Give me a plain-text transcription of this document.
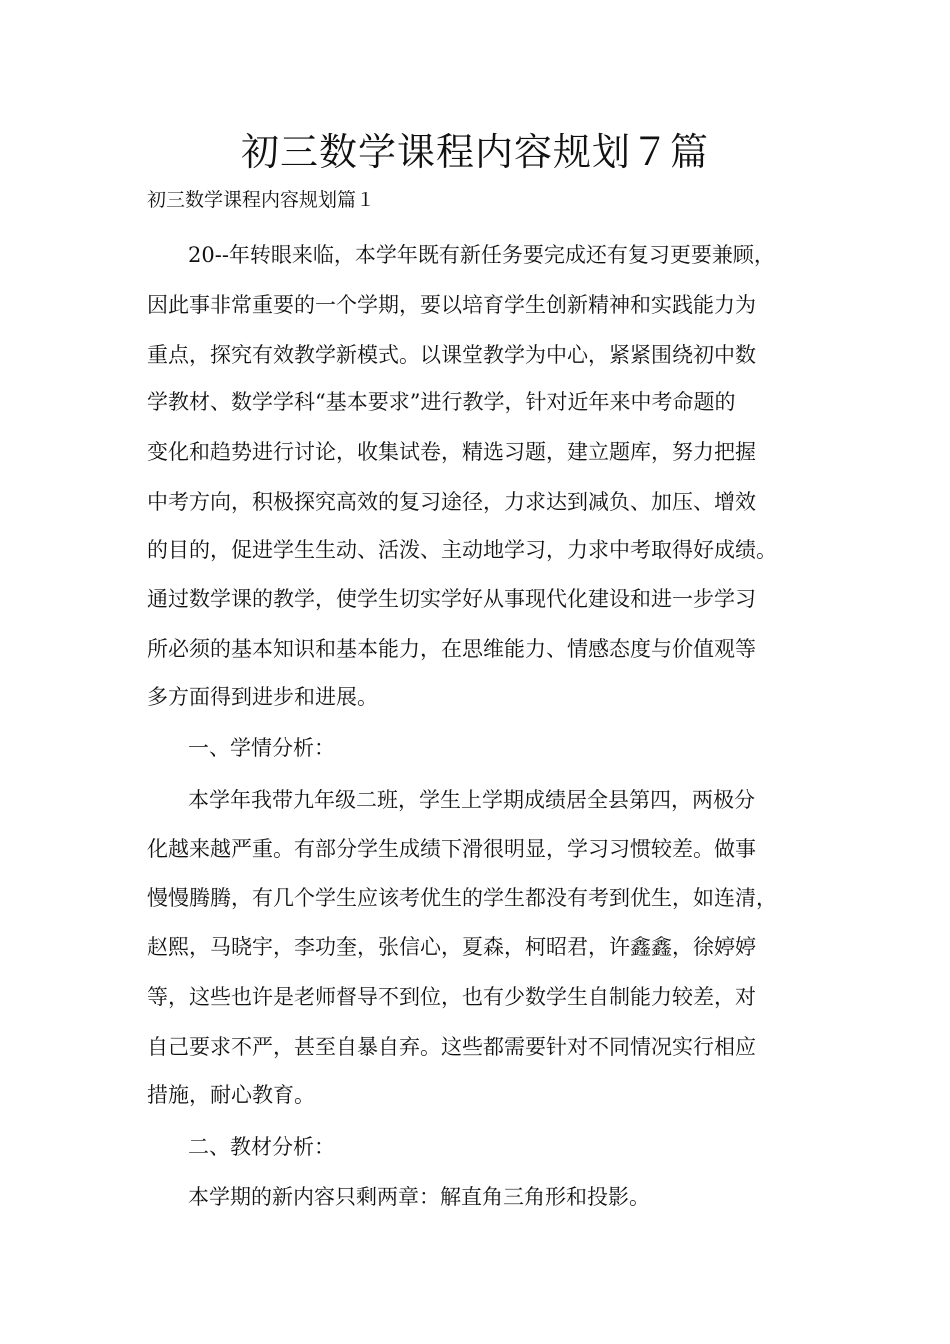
初三数学课程内容规划７篇

初三数学课程内容规划篇１

20--年转眼来临，本学年既有新任务要完成还有复习更要兼顾，

因此事非常重要的一个学期，要以培育学生创新精神和实践能力为

重点，探究有效教学新模式。以课堂教学为中心，紧紧围绕初中数

学教材、数学学科“基本要求”进行教学，针对近年来中考命题的

变化和趋势进行讨论，收集试卷，精选习题，建立题库，努力把握

中考方向，积极探究高效的复习途径，力求达到减负、加压、增效

的目的，促进学生生动、活泼、主动地学习，力求中考取得好成绩。

通过数学课的教学，使学生切实学好从事现代化建设和进一步学习

所必须的基本知识和基本能力，在思维能力、情感态度与价值观等

多方面得到进步和进展。

一、学情分析：

本学年我带九年级二班，学生上学期成绩居全县第四，两极分

化越来越严重。有部分学生成绩下滑很明显，学习习惯较差。做事

慢慢腾腾，有几个学生应该考优生的学生都没有考到优生，如连清，

赵熙，马晓宇，李功奎，张信心，夏森，柯昭君，许鑫鑫，徐婷婷

等，这些也许是老师督导不到位，也有少数学生自制能力较差，对

自己要求不严，甚至自暴自弃。这些都需要针对不同情况实行相应

措施，耐心教育。

二、教材分析：

本学期的新内容只剩两章：解直角三角形和投影。
